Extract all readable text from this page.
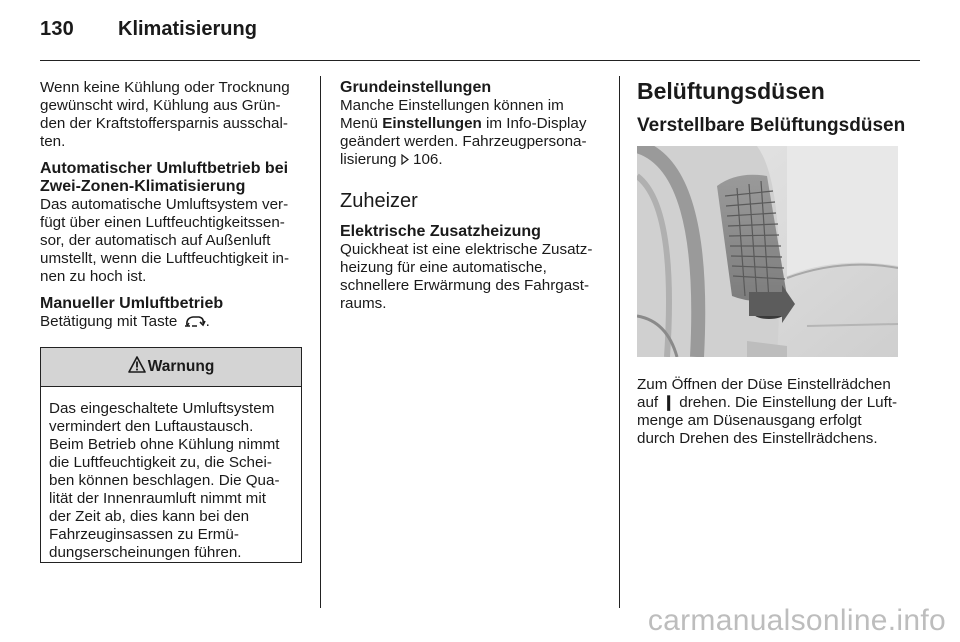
130 Klimatisierung

Wenn keine Kühlung oder Trocknung
gewünscht wird, Kühlung aus Grün-
den der Kraftstoffersparnis ausschal-
ten.

Automatischer Umluftbetrieb bei
Zwei-Zonen-Klimatisierung

Das automatische Umluftsystem ver-
fügt über einen Luftfeuchtigkeitssen-
sor, der automatisch auf Außenluft
umstellt, wenn die Luftfeuchtigkeit in-
nen zu hoch ist.

Manueller Umluftbetrieb

Betätigung mit Taste .

Warnung
Das eingeschaltete Umluftsystem
vermindert den Luftaustausch.
Beim Betrieb ohne Kühlung nimmt
die Luftfeuchtigkeit zu, die Schei-
ben können beschlagen. Die Qua-
lität der Innenraumluft nimmt mit
der Zeit ab, dies kann bei den
Fahrzeuginsassen zu Ermü-
dungserscheinungen führen.
Grundeinstellungen

Manche Einstellungen können im
Menü Einstellungen im Info-Display
geändert werden. Fahrzeugpersona-
lisierung  106.

Zuheizer
Elektrische Zusatzheizung

Quickheat ist eine elektrische Zusatz-
heizung für eine automatische,
schnellere Erwärmung des Fahrgast-
raums.

Belüftungsdüsen
Verstellbare Belüftungsdüsen
Zum Öffnen der Düse Einstellrädchen
auf ❙ drehen. Die Einstellung der Luft-
menge am Düsenausgang erfolgt
durch Drehen des Einstellrädchens.
carmanualsonline.info
